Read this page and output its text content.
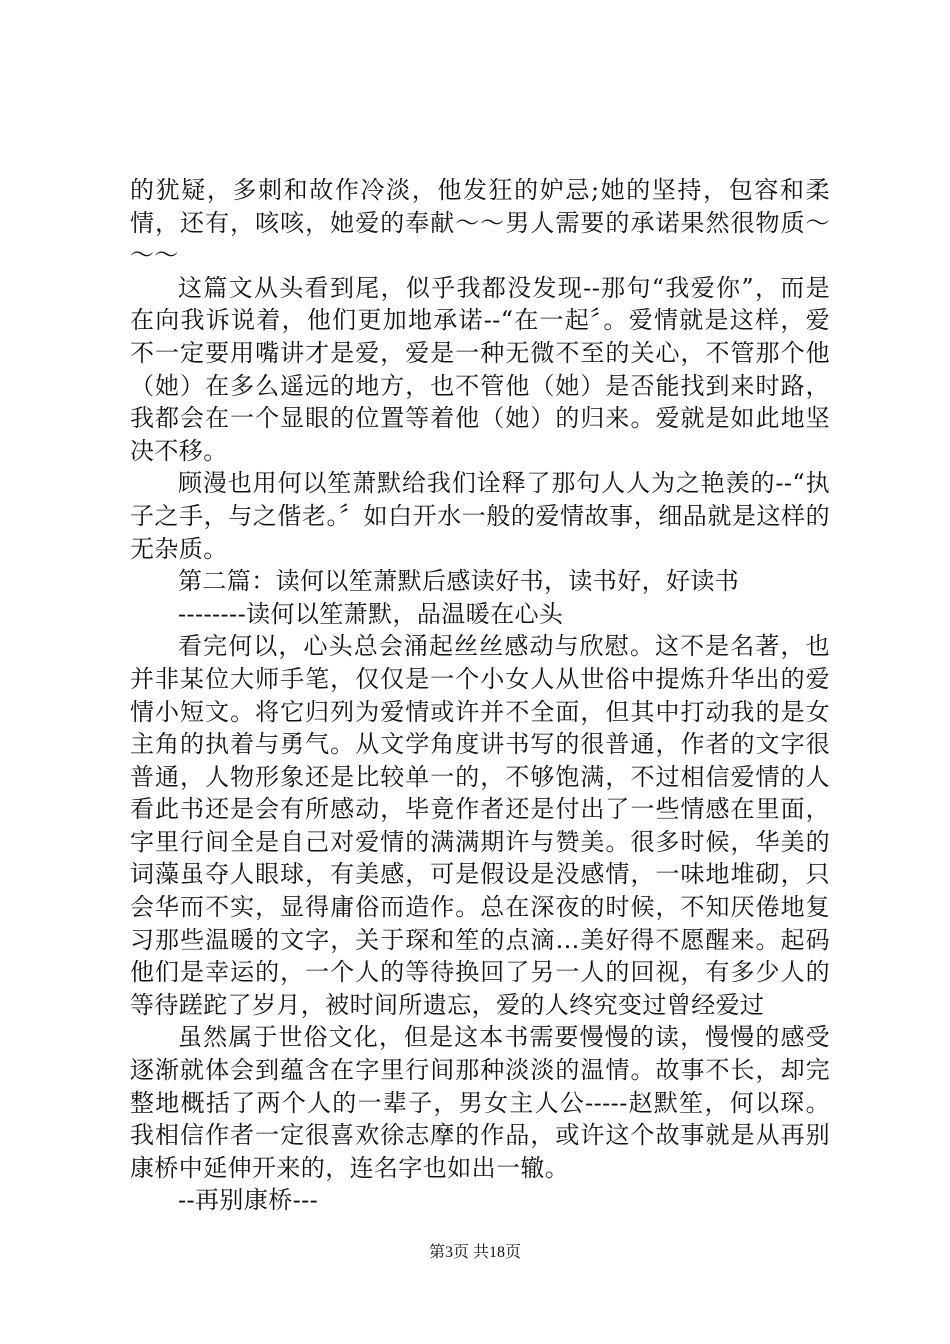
的犹疑，多刺和故作冷淡，他发狂的妒忌;她的坚持，包容和柔情，还有，咳咳，她爱的奉献～～男人需要的承诺果然很物质～～～

这篇文从头看到尾，似乎我都没发现--那句“我爱你”，而是在向我诉说着，他们更加地承诺--“在一起〞。爱情就是这样，爱不一定要用嘴讲才是爱，爱是一种无微不至的关心，不管那个他（她）在多么遥远的地方，也不管他（她）是否能找到来时路，我都会在一个显眼的位置等着他（她）的归来。爱就是如此地坚决不移。

顾漫也用何以笙萧默给我们诠释了那句人人为之艳羡的--“执子之手，与之偕老。〞如白开水一般的爱情故事，细品就是这样的无杂质。

第二篇：读何以笙萧默后感读好书，读书好，好读书

--------读何以笙萧默，品温暖在心头

看完何以，心头总会涌起丝丝感动与欣慰。这不是名著，也并非某位大师手笔，仅仅是一个小女人从世俗中提炼升华出的爱情小短文。将它归列为爱情或许并不全面，但其中打动我的是女主角的执着与勇气。从文学角度讲书写的很普通，作者的文字很普通，人物形象还是比较单一的，不够饱满，不过相信爱情的人看此书还是会有所感动，毕竟作者还是付出了一些情感在里面，字里行间全是自己对爱情的满满期许与赞美。很多时候，华美的词藻虽夺人眼球，有美感，可是假设是没感情，一味地堆砌，只会华而不实，显得庸俗而造作。总在深夜的时候，不知厌倦地复习那些温暖的文字，关于琛和笙的点滴...美好得不愿醒来。起码他们是幸运的，一个人的等待换回了另一人的回视，有多少人的等待蹉跎了岁月，被时间所遗忘，爱的人终究变过曾经爱过

虽然属于世俗文化，但是这本书需要慢慢的读，慢慢的感受逐渐就体会到蕴含在字里行间那种淡淡的温情。故事不长，却完整地概括了两个人的一辈子，男女主人公-----赵默笙，何以琛。我相信作者一定很喜欢徐志摩的作品，或许这个故事就是从再别康桥中延伸开来的，连名字也如出一辙。

--再别康桥---

第3页 共18页
